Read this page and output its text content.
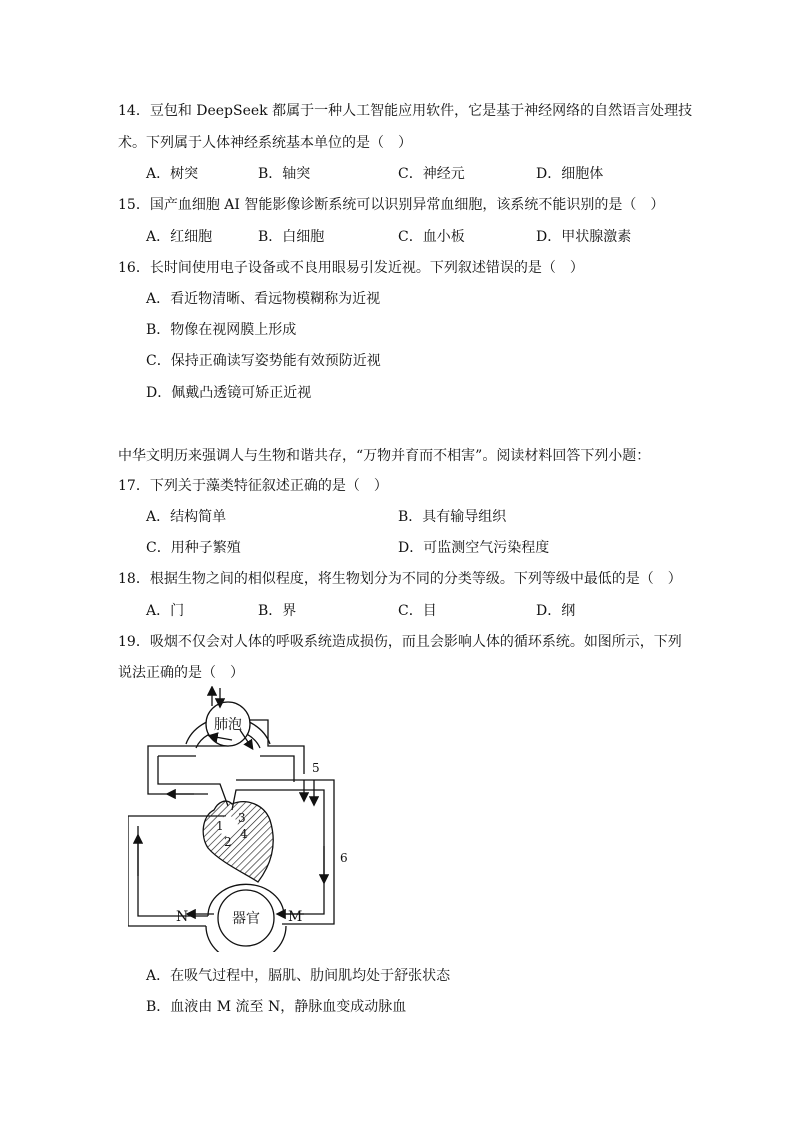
14．豆包和 DeepSeek 都属于一种人工智能应用软件，它是基于神经网络的自然语言处理技
术。下列属于人体神经系统基本单位的是（　）
A．树突	B．轴突	C．神经元	D．细胞体
15．国产血细胞 AI 智能影像诊断系统可以识别异常血细胞，该系统不能识别的是（　）
A．红细胞	B．白细胞	C．血小板	D．甲状腺激素
16．长时间使用电子设备或不良用眼易引发近视。下列叙述错误的是（　）
A．看近物清晰、看远物模糊称为近视
B．物像在视网膜上形成
C．保持正确读写姿势能有效预防近视
D．佩戴凸透镜可矫正近视
中华文明历来强调人与生物和谐共存，“万物并育而不相害”。阅读材料回答下列小题：
17．下列关于藻类特征叙述正确的是（　）
A．结构简单	B．具有输导组织
C．用种子繁殖	D．可监测空气污染程度
18．根据生物之间的相似程度，将生物划分为不同的分类等级。下列等级中最低的是（　）
A．门	B．界	C．目	D．纲
19．吸烟不仅会对人体的呼吸系统造成损伤，而且会影响人体的循环系统。如图所示，下列
说法正确的是（　）
肺泡
器官
N	M
1
2
3
4
5
6
A．在吸气过程中，膈肌、肋间肌均处于舒张状态
B．血液由 M 流至 N，静脉血变成动脉血
